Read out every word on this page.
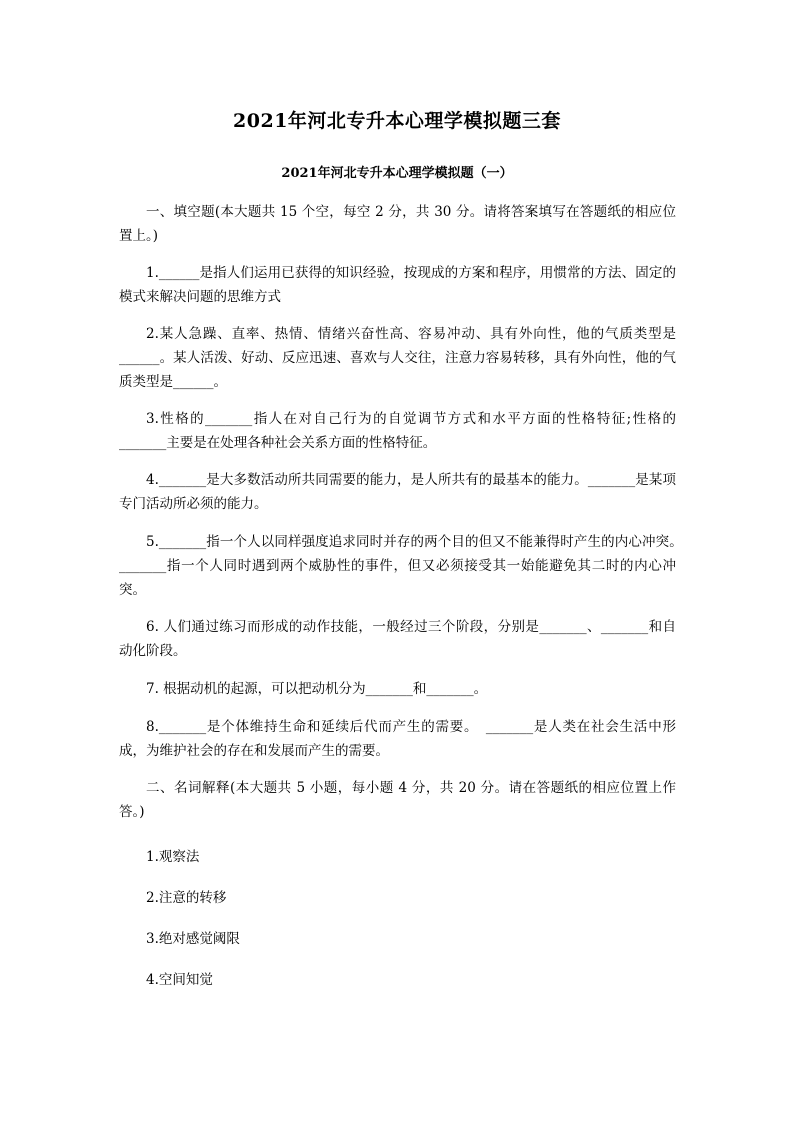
2021年河北专升本心理学模拟题三套
2021年河北专升本心理学模拟题（一）

一、填空题(本大题共 15 个空，每空 2 分，共 30 分。请将答案填写在答题纸的相应位置上。)

1.______是指人们运用已获得的知识经验，按现成的方案和程序，用惯常的方法、固定的模式来解决问题的思维方式

2.某人急躁、直率、热情、情绪兴奋性高、容易冲动、具有外向性，他的气质类型是______。某人活泼、好动、反应迅速、喜欢与人交往，注意力容易转移，具有外向性，他的气质类型是______。

3.性格的_______指人在对自己行为的自觉调节方式和水平方面的性格特征;性格的_______主要是在处理各种社会关系方面的性格特征。

4._______是大多数活动所共同需要的能力，是人所共有的最基本的能力。_______是某项专门活动所必须的能力。

5._______指一个人以同样强度追求同时并存的两个目的但又不能兼得时产生的内心冲突。　_______指一个人同时遇到两个威胁性的事件，但又必须接受其一始能避免其二时的内心冲突。

6. 人们通过练习而形成的动作技能，一般经过三个阶段，分别是_______、_______和自动化阶段。

7. 根据动机的起源，可以把动机分为_______和_______。

8._______是个体维持生命和延续后代而产生的需要。　_______是人类在社会生活中形成，为维护社会的存在和发展而产生的需要。

二、名词解释(本大题共 5 小题，每小题 4 分，共 20 分。请在答题纸的相应位置上作答。)

1.观察法

2.注意的转移

3.绝对感觉阈限

4.空间知觉
